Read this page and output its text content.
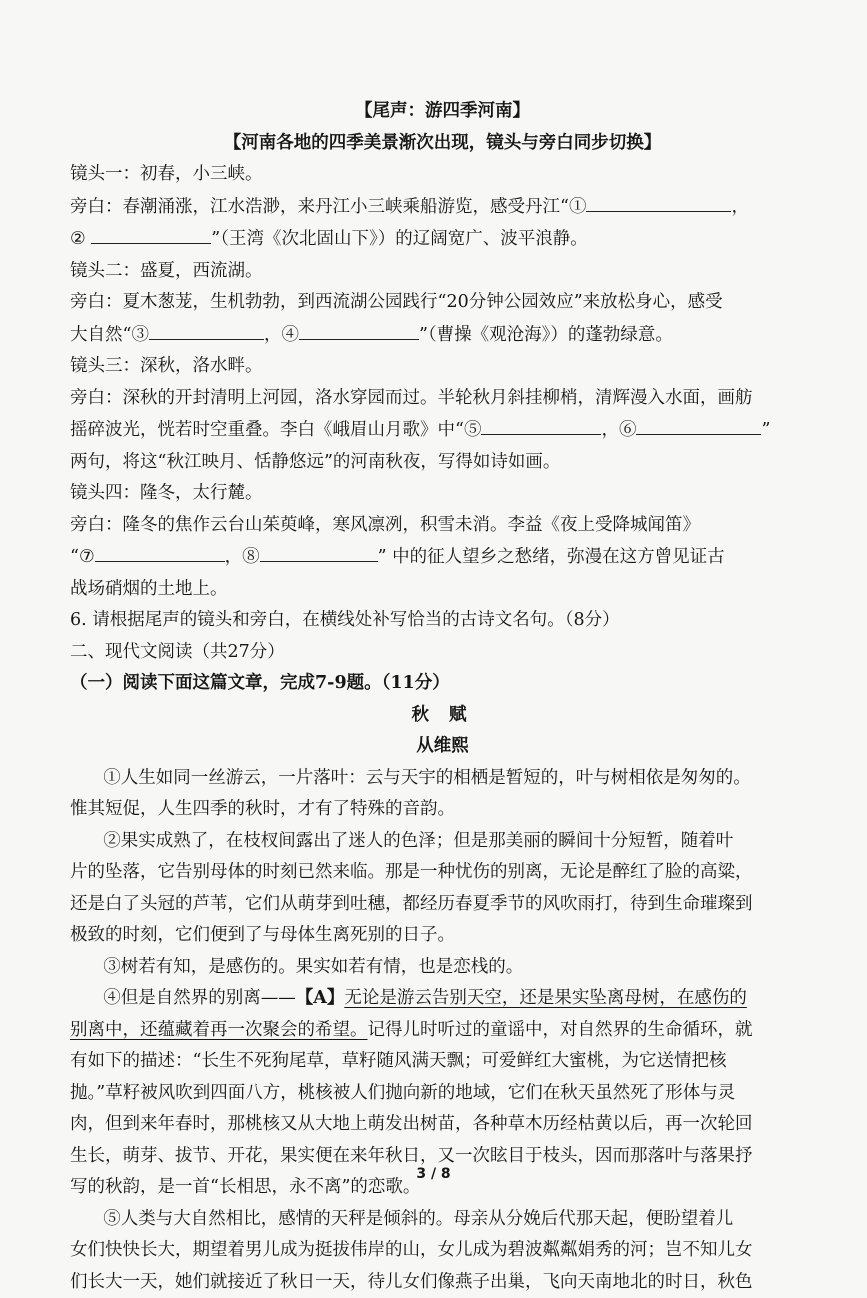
【尾声：游四季河南】
【河南各地的四季美景渐次出现，镜头与旁白同步切换】
镜头一：初春，小三峡。
旁白：春潮涌涨，江水浩渺，来丹江小三峡乘船游览，感受丹江“①	，
②	”（王湾《次北固山下》）的辽阔宽广、波平浪静。
镜头二：盛夏，西流湖。
旁白：夏木葱茏，生机勃勃，到西流湖公园践行“20分钟公园效应”来放松身心，感受
大自然“③	，④	”（曹操《观沧海》）的蓬勃绿意。
镜头三：深秋，洛水畔。
旁白：深秋的开封清明上河园，洛水穿园而过。半轮秋月斜挂柳梢，清辉漫入水面，画舫
摇碎波光，恍若时空重叠。李白《峨眉山月歌》中“⑤	，⑥	”
两句，将这“秋江映月、恬静悠远”的河南秋夜，写得如诗如画。
镜头四：隆冬，太行麓。
旁白：隆冬的焦作云台山茱萸峰，寒风凛冽，积雪未消。李益《夜上受降城闻笛》
“⑦	，⑧	” 中的征人望乡之愁绪，弥漫在这方曾见证古
战场硝烟的土地上。
6. 请根据尾声的镜头和旁白，在横线处补写恰当的古诗文名句。（8分）
二、现代文阅读（共27分）
（一）阅读下面这篇文章，完成7-9题。（11分）
秋 赋
从维熙
①人生如同一丝游云，一片落叶：云与天宇的相栖是暂短的，叶与树相依是匆匆的。
惟其短促，人生四季的秋时，才有了特殊的音韵。
②果实成熟了，在枝杈间露出了迷人的色泽；但是那美丽的瞬间十分短暂，随着叶
片的坠落，它告别母体的时刻已然来临。那是一种忧伤的别离，无论是醉红了脸的高粱，
还是白了头冠的芦苇，它们从萌芽到吐穗，都经历春夏季节的风吹雨打，待到生命璀璨到
极致的时刻，它们便到了与母体生离死别的日子。
③树若有知，是感伤的。果实如若有情，也是恋栈的。
④但是自然界的别离——【A】无论是游云告别天空，还是果实坠离母树，在感伤的
别离中，还蕴藏着再一次聚会的希望。记得儿时听过的童谣中，对自然界的生命循环，就
有如下的描述：“长生不死狗尾草，草籽随风满天飘；可爱鲜红大蜜桃，为它送情把核
抛。”草籽被风吹到四面八方，桃核被人们抛向新的地域，它们在秋天虽然死了形体与灵
肉，但到来年春时，那桃核又从大地上萌发出树苗，各种草木历经枯黄以后，再一次轮回
生长，萌芽、拔节、开花，果实便在来年秋日，又一次眩目于枝头，因而那落叶与落果抒
写的秋韵，是一首“长相思，永不离”的恋歌。
⑤人类与大自然相比，感情的天秤是倾斜的。母亲从分娩后代那天起，便盼望着儿
女们快快长大，期望着男儿成为挺拔伟岸的山，女儿成为碧波粼粼娟秀的河；岂不知儿女
们长大一天，她们就接近了秋日一天，待儿女们像燕子出巢，飞向天南地北的时日，秋色
3 / 8
